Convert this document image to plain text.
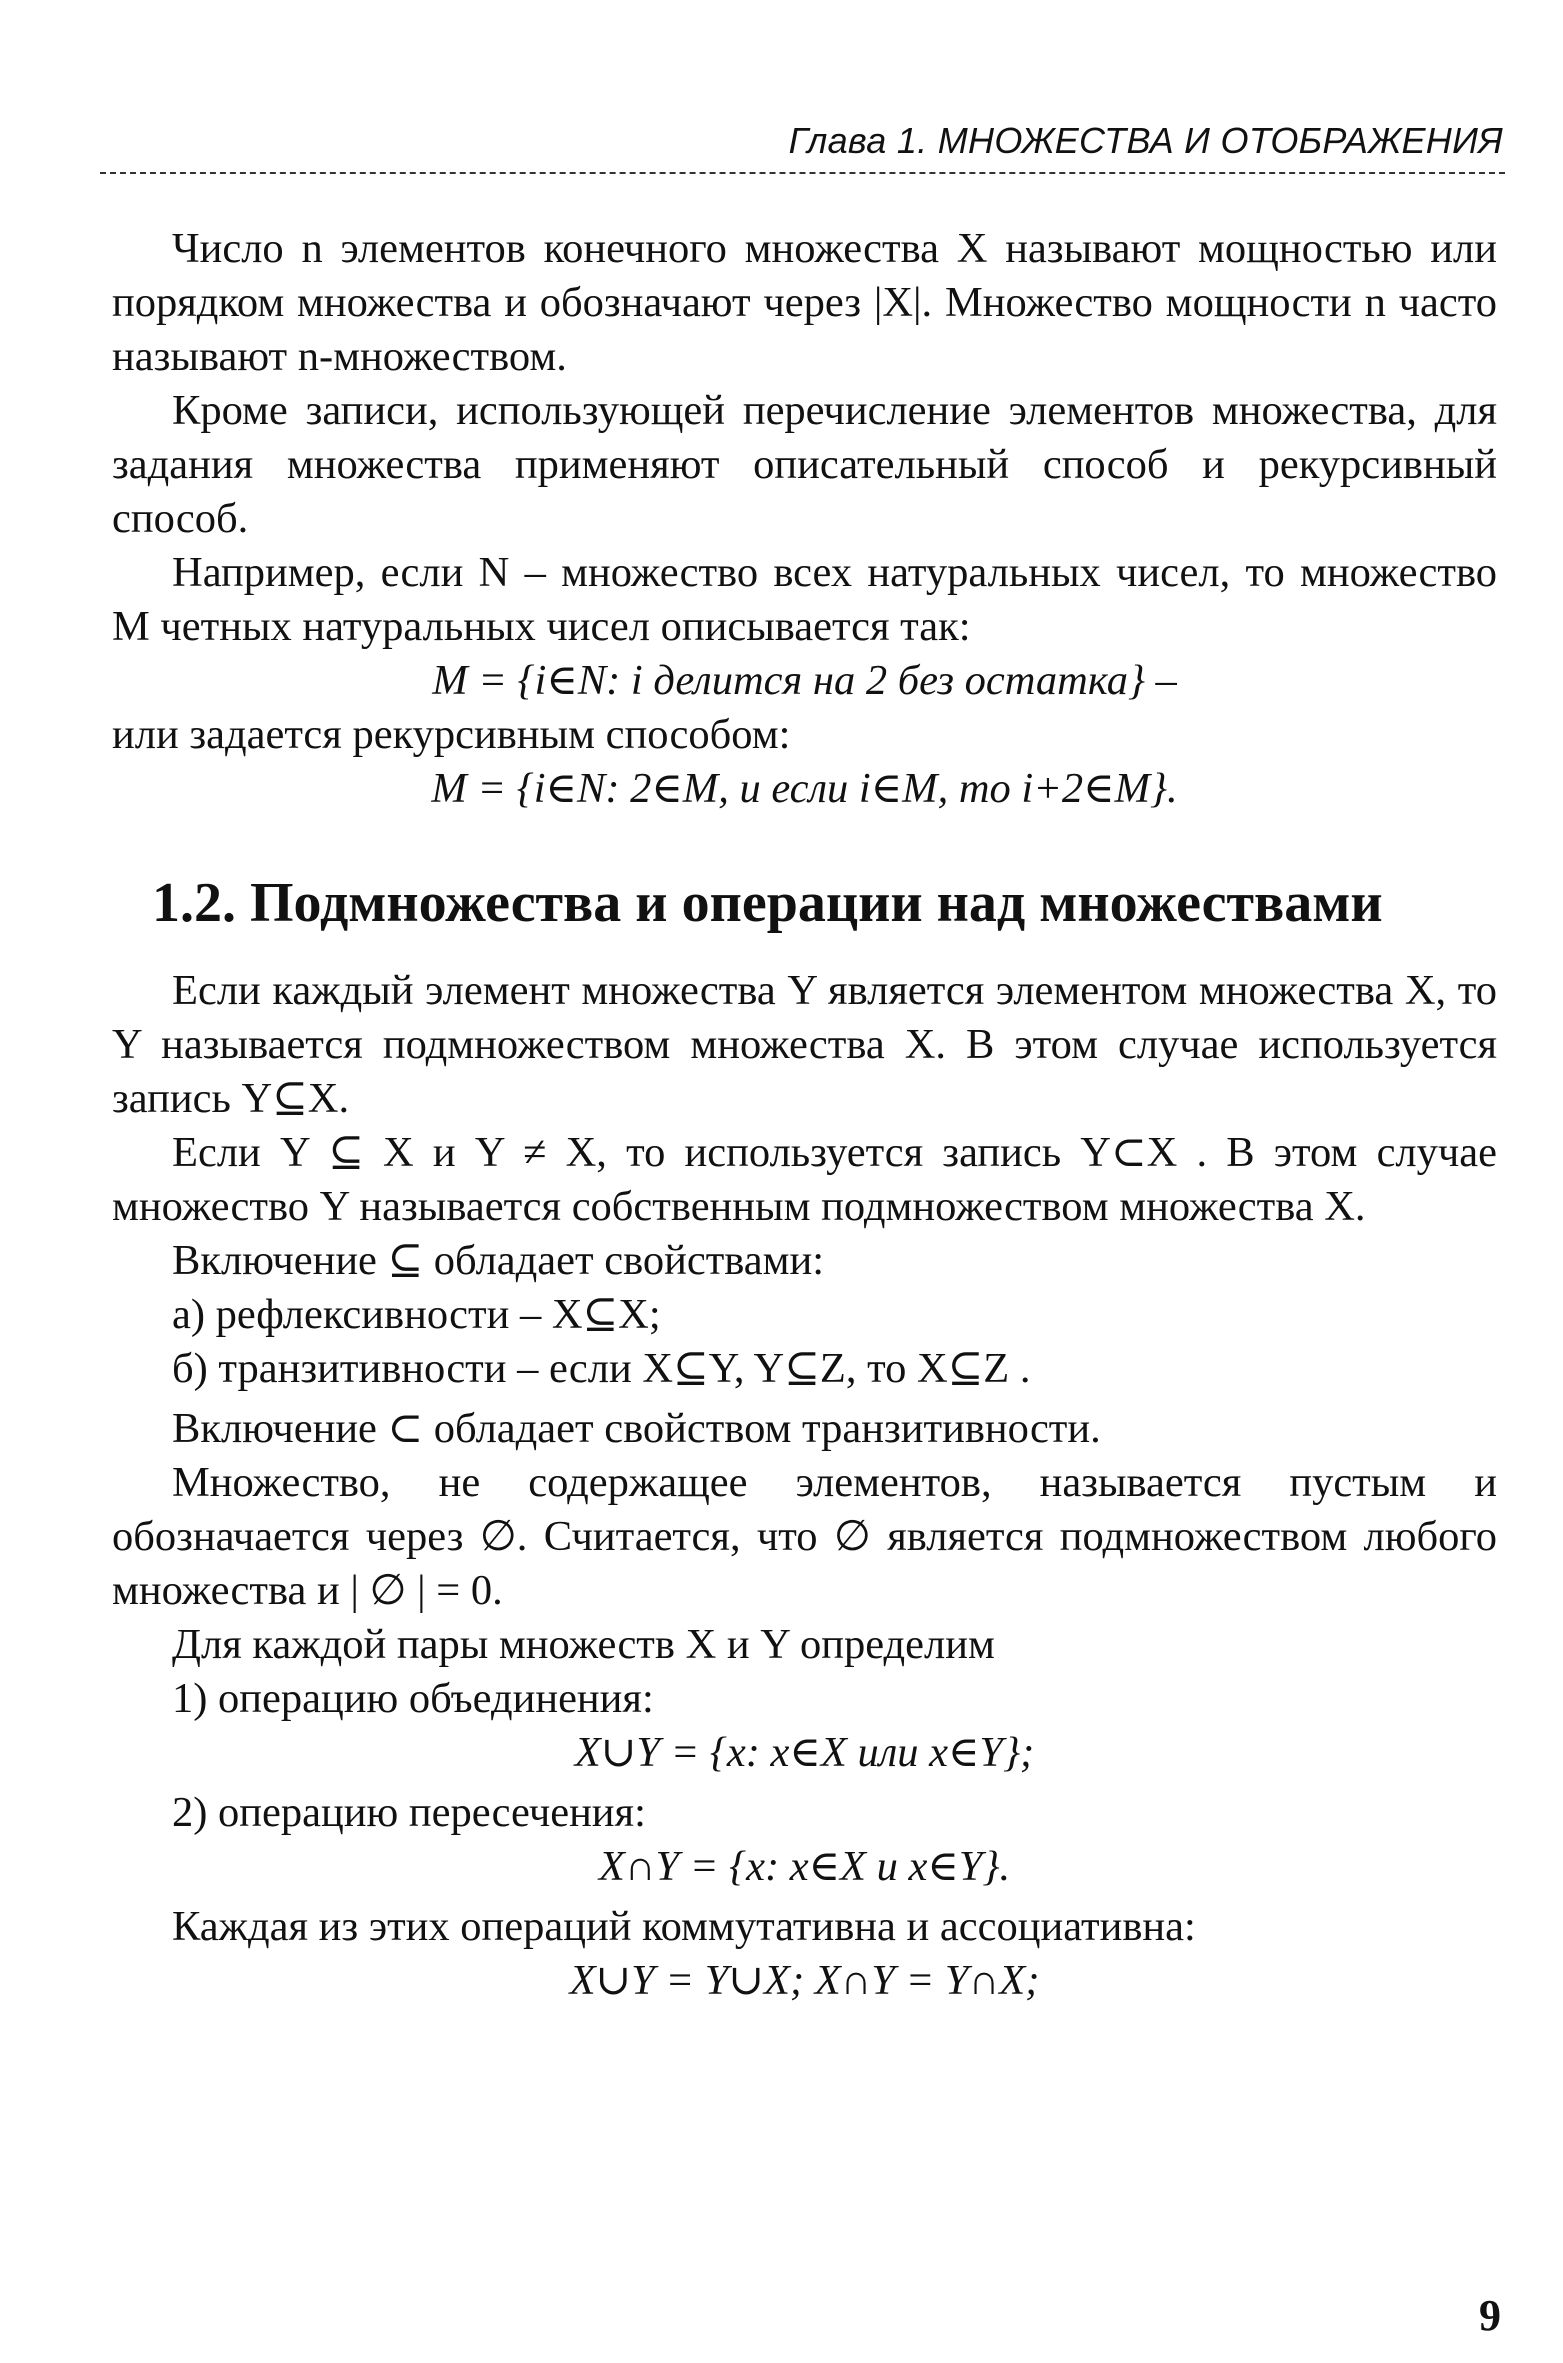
Глава 1. МНОЖЕСТВА И ОТОБРАЖЕНИЯ

Число n элементов конечного множества X называют мощностью или порядком множества и обозначают через |X|. Множество мощности n часто называют n-множеством.

Кроме записи, использующей перечисление элементов множества, для задания множества применяют описательный способ и рекурсивный способ.

Например, если N – множество всех натуральных чисел, то множество М четных натуральных чисел описывается так:

M = {i∈N: i делится на 2 без остатка} –

или задается рекурсивным способом:

M = {i∈N: 2∈M, и если i∈M, то i+2∈M}.

1.2. Подмножества и операции над множествами

Если каждый элемент множества Y является элементом множества X, то Y называется подмножеством множества X. В этом случае используется запись Y⊆X.

Если Y ⊆ X и Y ≠ X, то используется запись Y⊂X . В этом случае множество Y называется собственным подмножеством множества X.

Включение ⊆ обладает свойствами:

а) рефлексивности – X⊆X;

б) транзитивности – если X⊆Y, Y⊆Z, то X⊆Z .

Включение ⊂ обладает свойством транзитивности.

Множество, не содержащее элементов, называется пустым и обозначается через ∅. Считается, что ∅ является подмножеством любого множества и | ∅ | = 0.

Для каждой пары множеств X и Y определим

1) операцию объединения:

X∪Y = {x: x∈X или x∈Y};

2) операцию пересечения:

X∩Y = {x: x∈X и x∈Y}.

Каждая из этих операций коммутативна и ассоциативна:

X∪Y = Y∪X; X∩Y = Y∩X;

9
